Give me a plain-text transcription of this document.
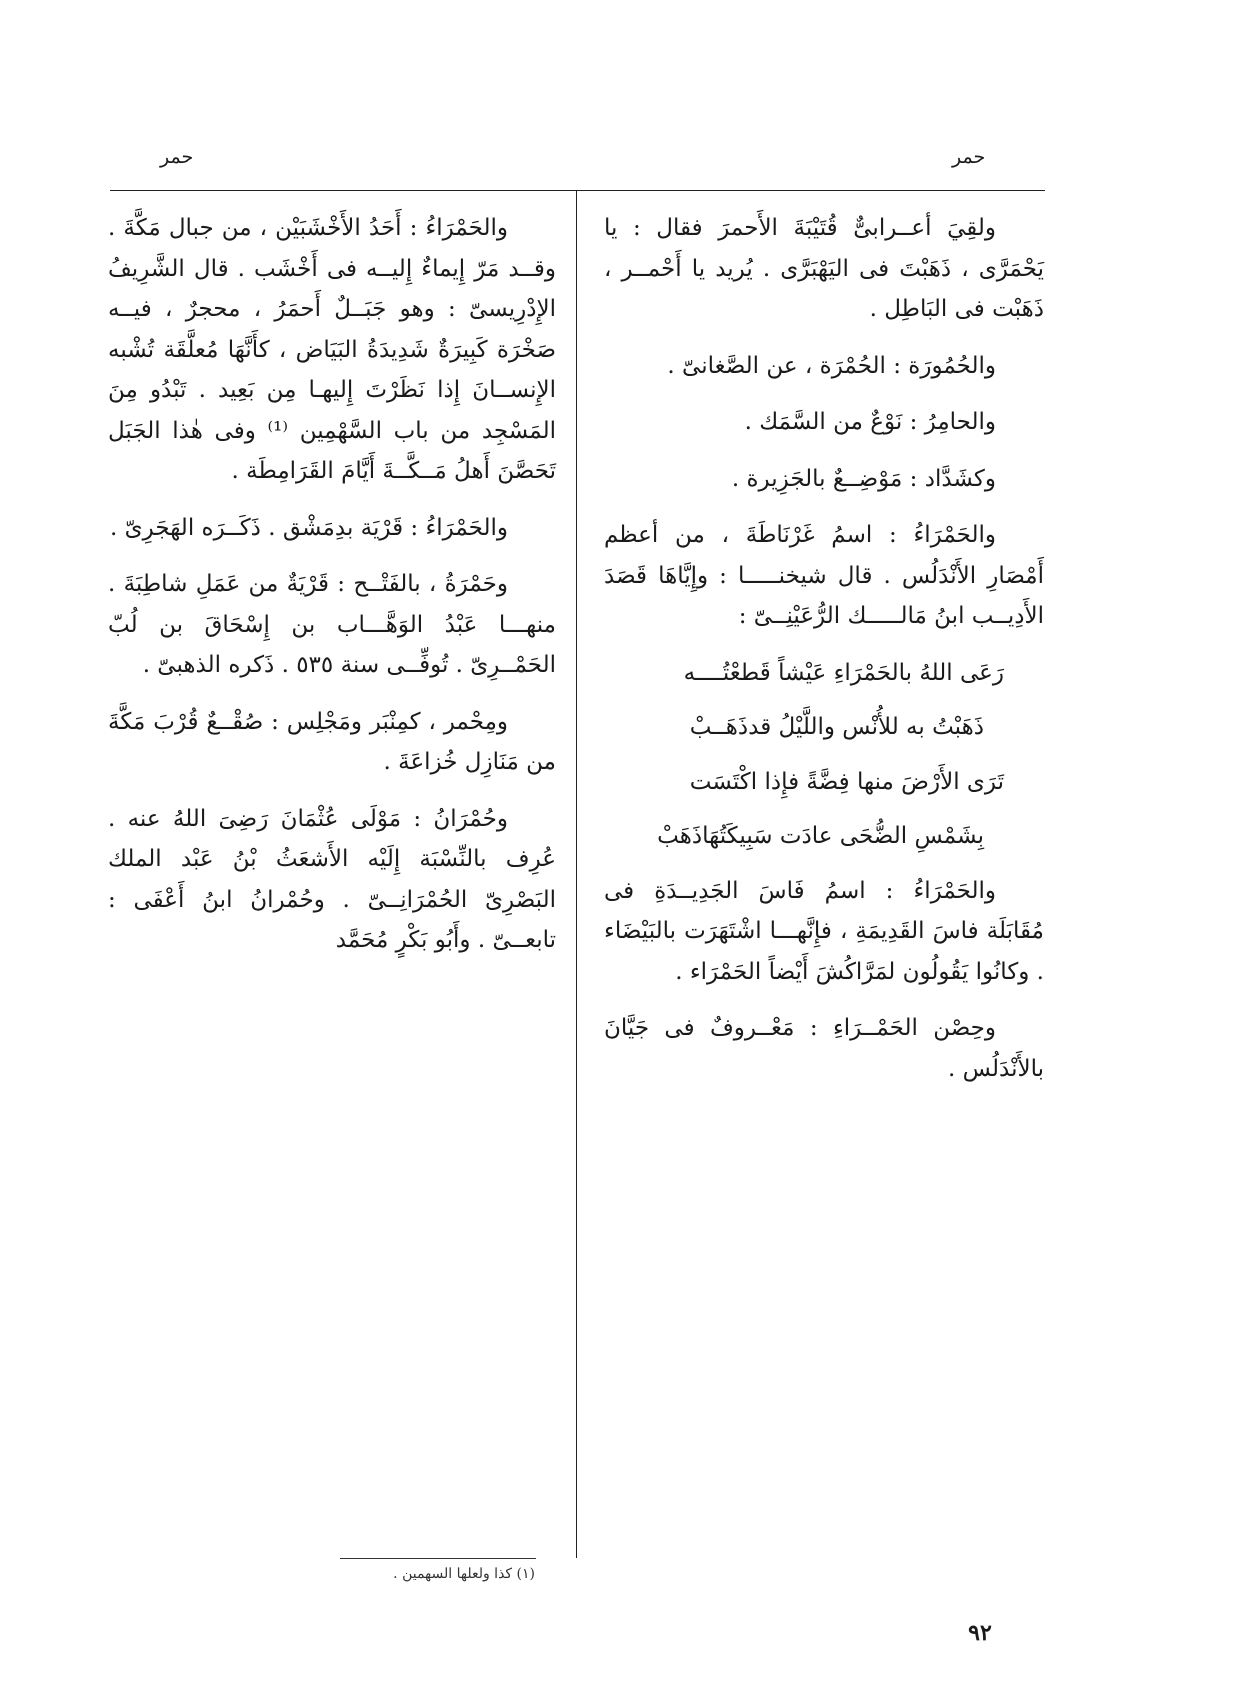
حمر
حمر

ولقِيَ أعــرابىٌّ قُتَيْبَةَ الأَحمرَ فقال : يا يَحْمَرَّى ، ذَهَبْتَ فى اليَهْبَرَّى . يُريد يا أَحْمــر ، ذَهَبْت فى البَاطِل .

والحُمُورَة : الحُمْرَة ، عن الصَّغانىّ .

والحامِرُ : نَوْعٌ من السَّمَك .

وكشَدَّاد : مَوْضِــعٌ بالجَزِيرة .

والحَمْرَاءُ : اسمُ غَرْنَاطَةَ ، من أعظم أَمْصَارِ الأَنْدَلُس . قال شيخنـــــا : وإِيَّاهَا قَصَدَ الأَدِيــب ابنُ مَالـــــك الرُّعَيْنِــىّ :

رَعَى اللهُ بالحَمْرَاءِ عَيْشاً قَطعْتُــــه

ذَهَبْتُ به للأُنْس واللَّيْلُ قدذَهَــبْ

تَرَى الأَرْضَ منها فِضَّةً فإِذا اكْتَسَت

بِشَمْسِ الضُّحَى عادَت سَبِيكَتُهَاذَهَبْ

والحَمْرَاءُ : اسمُ فَاسَ الجَدِيــدَةِ فى مُقَابَلَة فاسَ القَدِيمَةِ ، فإِنَّهـــا اشْتَهَرَت بالبَيْضَاء . وكانُوا يَقُولُون لمَرَّاكُشَ أَيْضاً الحَمْرَاء .

وحِصْن الحَمْــرَاءِ : مَعْــروفٌ فى جَيَّانَ بالأَنْدَلُس .

والحَمْرَاءُ : أَحَدُ الأَخْشَبَيْن ، من جبال مَكَّةَ . وقــد مَرّ إِيماءٌ إِليــه فى أَخْشَب . قال الشَّرِيفُ الإِدْرِيسىّ : وهو جَبَــلٌ أَحمَرُ ، محجرٌ ، فيــه صَخْرَة كَبِيرَةٌ شَدِيدَةُ البَيَاض ، كأَنَّهَا مُعلَّقَة تُشْبه الإِنســانَ إِذا نَظَرْتَ إِليهـا مِن بَعِيد . تَبْدُو مِنَ المَسْجِد من باب السَّهْمِين ⁽¹⁾ وفى هٰذا الجَبَل تَحَصَّنَ أَهلُ مَــكَّــةَ أَيَّامَ القَرَامِطَة .

والحَمْرَاءُ : قَرْيَة بدِمَشْق . ذَكَــرَه الهَجَرِىّ .

وحَمْرَةُ ، بالفَتْــح : قَرْيَةٌ من عَمَلِ شاطِبَةَ . منهـــا عَبْدُ الوَهَّـــاب بن إِسْحَاقَ بن لُبّ الحَمْــرِىّ . تُوفِّــى سنة ٥٣٥ . ذَكره الذهبىّ .

ومِحْمر ، كمِنْبَر ومَجْلِس : صُقْــعٌ قُرْبَ مَكَّةَ من مَنَازِل خُزاعَةَ .

وحُمْرَانُ : مَوْلَى عُثْمَانَ رَضِىَ اللهُ عنه . عُرِف بالنِّسْبَة إِلَيْه الأَشعَثُ بْنُ عَبْد الملك البَصْرِىّ الحُمْرَانِــىّ . وحُمْرانُ ابنُ أَعْفَى : تابعــىّ . وأَبُو بَكْرٍ مُحَمَّد

(١) كذا ولعلها السهمين .
٩٢
